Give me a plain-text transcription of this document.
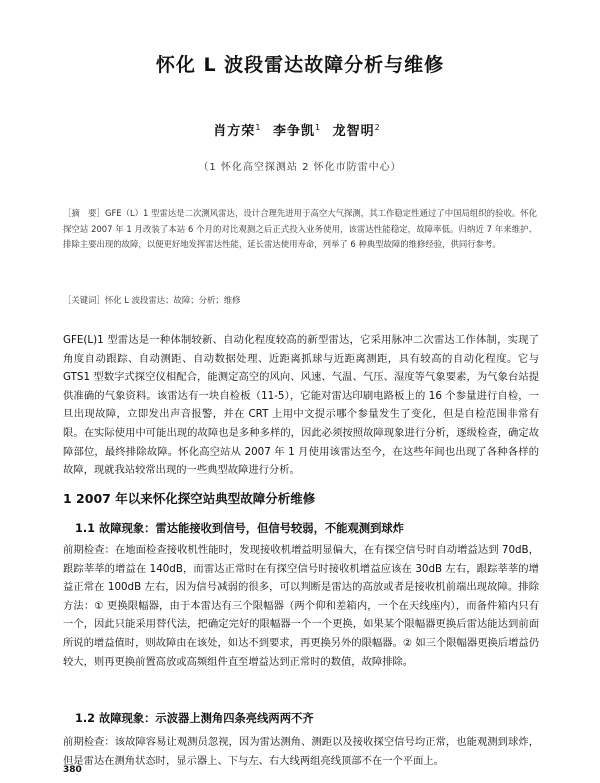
怀化 L 波段雷达故障分析与维修
肖方荣$^1$ 李争凯$^1$ 龙智明$^2$
（1 怀化高空探测站 2 怀化市防雷中心）
［摘　要］GFE（L）1 型雷达是二次测风雷达，设计合理先进用于高空大气探测，其工作稳定性通过了中国局组织的验收。怀化探空站 2007 年 1 月改装了本站 6 个月的对比观测之后正式投入业务使用，该雷达性能稳定，故障率低。归纳近 7 年来维护、排除主要出现的故障，以便更好地发挥雷达性能，延长雷达使用寿命，列举了 6 种典型故障的维修经验，供同行参考。
［关键词］怀化 L 波段雷达；故障；分析；维修
GFE(L)1 型雷达是一种体制较新、自动化程度较高的新型雷达，它采用脉冲二次雷达工作体制，实现了角度自动跟踪、自动测距、自动数据处理、近距离抓球与近距离测距，具有较高的自动化程度。它与 GTS1 型数字式探空仪相配合，能测定高空的风向、风速、气温、气压、湿度等气象要素，为气象台站提供准确的气象资料。该雷达有一块自检板（11-5），它能对雷达印刷电路板上的 16 个参量进行自检，一旦出现故障，立即发出声音报警，并在 CRT 上用中文提示哪个参量发生了变化，但是自检范围非常有限。在实际使用中可能出现的故障也是多种多样的，因此必须按照故障现象进行分析，逐级检查，确定故障部位，最终排除故障。怀化高空站从 2007 年 1 月使用该雷达至今，在这些年间也出现了各种各样的故障，现就我站较常出现的一些典型故障进行分析。
1 2007 年以来怀化探空站典型故障分析维修
1.1 故障现象：雷达能接收到信号，但信号较弱，不能观测到球炸
前期检查：在地面检查接收机性能时，发现接收机增益明显偏大，在有探空信号时自动增益达到 70dB，跟踪莘莘的增益在 140dB，而雷达正常时在有探空信号时接收机增益应该在 30dB 左右，跟踪莘莘的增益正常在 100dB 左右，因为信号减弱的很多，可以判断是雷达的高放或者是接收机前端出现故障。排除方法：① 更换限幅器，由于本雷达有三个限幅器（两个仰和差箱内，一个在天线座内），而备件箱内只有一个，因此只能采用替代法，把确定完好的限幅器一个一个更换，如果某个限幅器更换后雷达能达到前面所说的增益值时，则故障由在该处，如达不到要求，再更换另外的限幅器。② 如三个限幅器更换后增益仍较大，则再更换前置高放或高频组件直至增益达到正常时的数值，故障排除。
1.2 故障现象：示波器上测角四条亮线两两不齐
前期检查：该故障容易让观测员忽视，因为雷达测角、测距以及接收探空信号均正常，也能观测到球炸，但是雷达在测角状态时，显示器上、下与左、右大线两组亮线顶部不在一个平面上。
380
